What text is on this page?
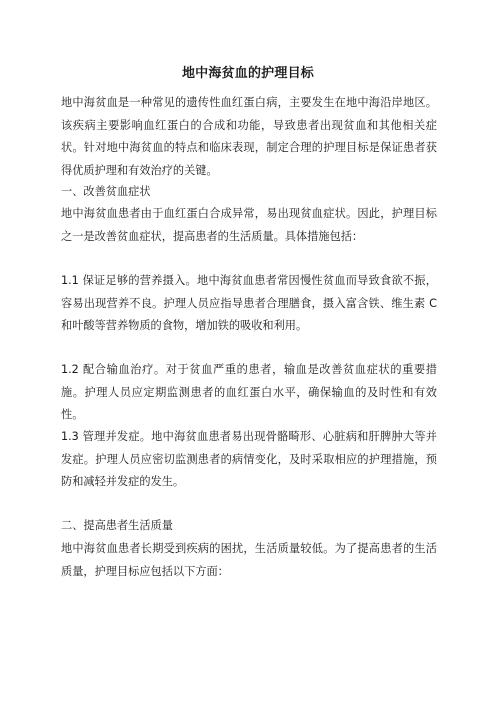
地中海贫血的护理目标

地中海贫血是一种常见的遗传性血红蛋白病，主要发生在地中海沿岸地区。该疾病主要影响血红蛋白的合成和功能，导致患者出现贫血和其他相关症状。针对地中海贫血的特点和临床表现，制定合理的护理目标是保证患者获得优质护理和有效治疗的关键。

一、改善贫血症状

地中海贫血患者由于血红蛋白合成异常，易出现贫血症状。因此，护理目标之一是改善贫血症状，提高患者的生活质量。具体措施包括：

1.1 保证足够的营养摄入。地中海贫血患者常因慢性贫血而导致食欲不振，容易出现营养不良。护理人员应指导患者合理膳食，摄入富含铁、维生素 C 和叶酸等营养物质的食物，增加铁的吸收和利用。

1.2 配合输血治疗。对于贫血严重的患者，输血是改善贫血症状的重要措施。护理人员应定期监测患者的血红蛋白水平，确保输血的及时性和有效性。

1.3 管理并发症。地中海贫血患者易出现骨骼畸形、心脏病和肝脾肿大等并发症。护理人员应密切监测患者的病情变化，及时采取相应的护理措施，预防和减轻并发症的发生。

二、提高患者生活质量

地中海贫血患者长期受到疾病的困扰，生活质量较低。为了提高患者的生活质量，护理目标应包括以下方面：
